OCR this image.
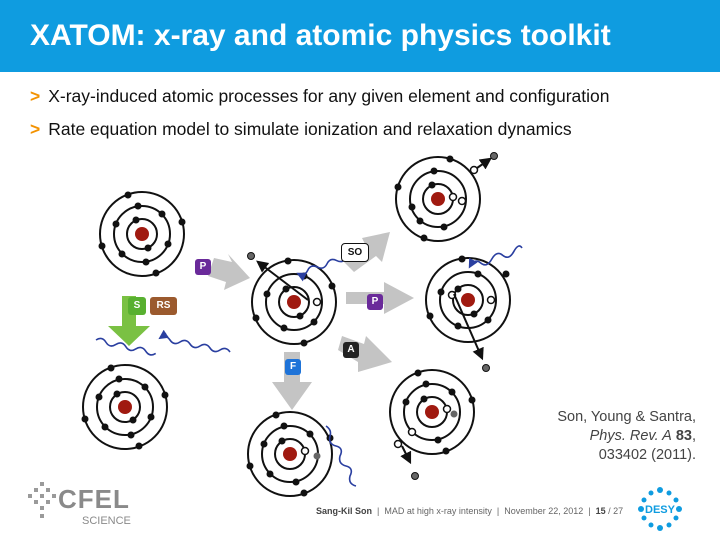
XATOM: x-ray and atomic physics toolkit
> X-ray-induced atomic processes for any given element and configuration
> Rate equation model to simulate ionization and relaxation dynamics
P
S	RS
SO
P
A
F
Son, Young & Santra,
Phys. Rev. A 83,
033402 (2011).
CFEL
SCIENCE
Sang-Kil Son  |  MAD at high x-ray intensity  |  November 22, 2012  |  15 / 27 DESY
